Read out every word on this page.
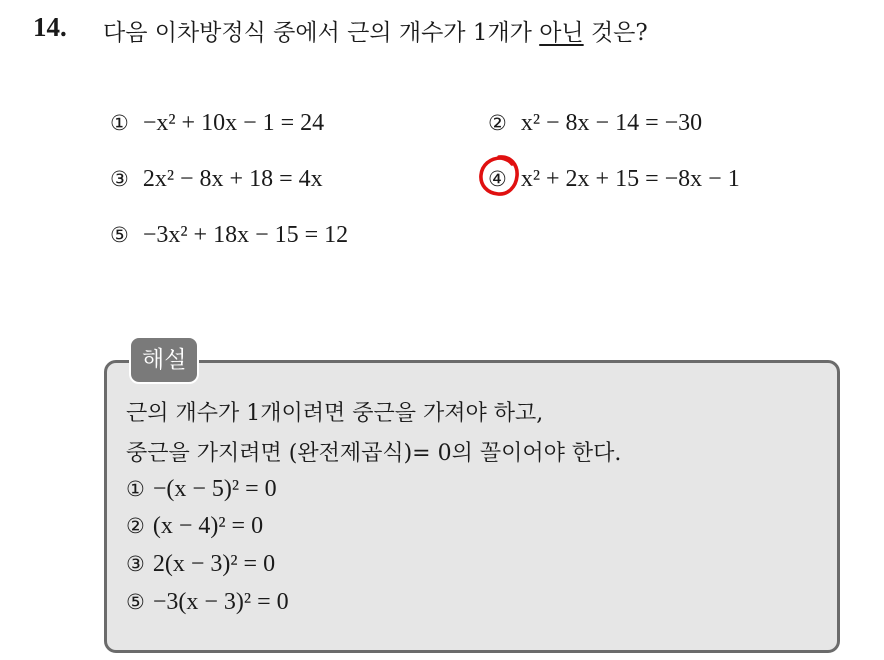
14. 다음 이차방정식 중에서 근의 개수가 1개가 아닌 것은?
① −x² + 10x − 1 = 24	② x² − 8x − 14 = −30
③ 2x² − 8x + 18 = 4x	④ x² + 2x + 15 = −8x − 1
⑤ −3x² + 18x − 15 = 12
해설
근의 개수가 1개이려면 중근을 가져야 하고,
중근을 가지려면 (완전제곱식)= 0의 꼴이어야 한다.
① −(x − 5)² = 0
② (x − 4)² = 0
③ 2(x − 3)² = 0
⑤ −3(x − 3)² = 0
